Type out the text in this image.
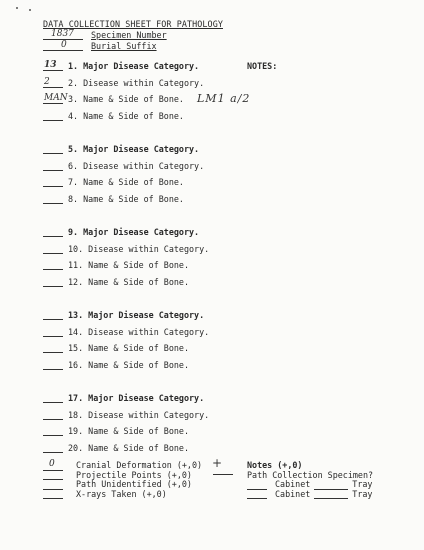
DATA COLLECTION SHEET FOR PATHOLOGY
1837 Specimen Number
0	Burial Suffix
NOTES:
LM1 a/2
13 1. Major Disease Category.
2 2. Disease within Category.
MAN 3. Name & Side of Bone.
4. Name & Side of Bone.
5. Major Disease Category.
6. Disease within Category.
7. Name & Side of Bone.
8. Name & Side of Bone.
9. Major Disease Category.
10. Disease within Category.
11. Name & Side of Bone.
12. Name & Side of Bone.
13. Major Disease Category.
14. Disease within Category.
15. Name & Side of Bone.
16. Name & Side of Bone.
17. Major Disease Category.
18. Disease within Category.
19. Name & Side of Bone.
20. Name & Side of Bone.
0	Cranial Deformation (+,0)
Projectile Points (+,0)
Path Unidentified (+,0)
X-rays Taken (+,0)
+	Notes (+,0)
Path Collection Specimen?
Cabinet	Tray
Cabinet	Tray
